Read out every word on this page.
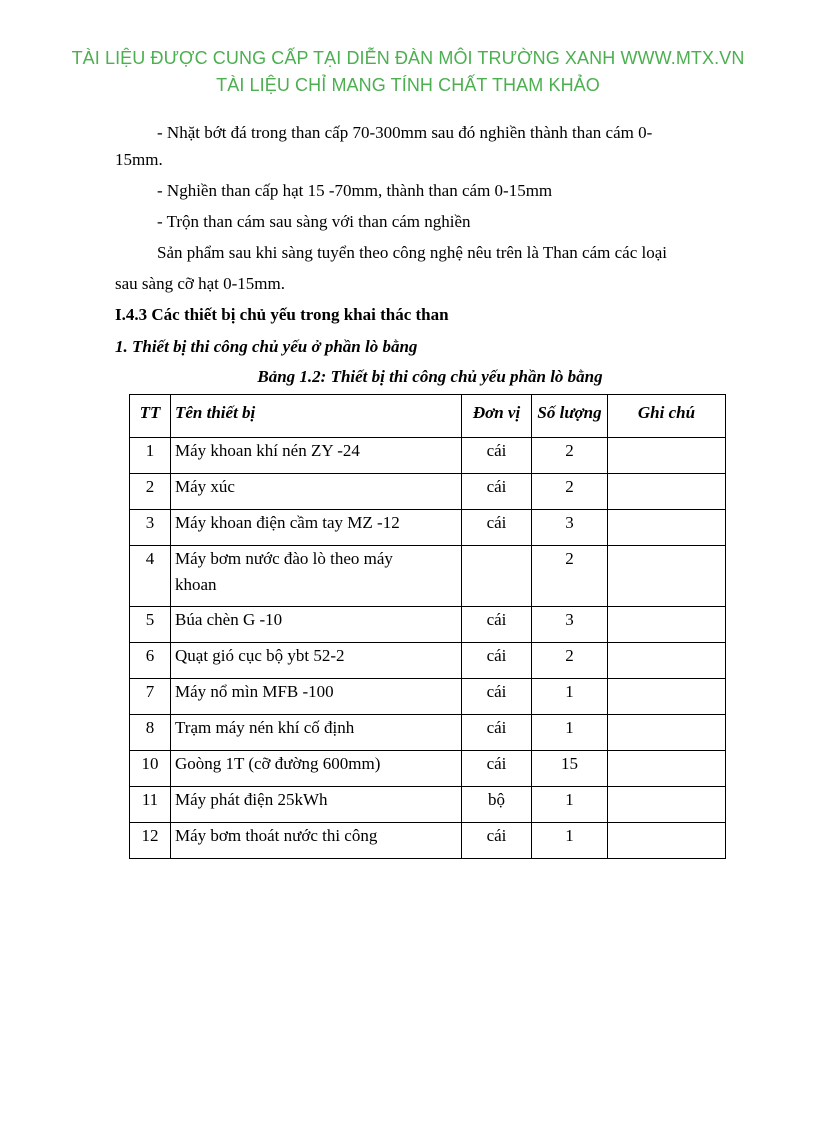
TÀI LIỆU ĐƯỢC CUNG CẤP TẠI DIỄN ĐÀN MÔI TRƯỜNG XANH WWW.MTX.VN
TÀI LIỆU CHỈ MANG TÍNH CHẤT THAM KHẢO
- Nhặt bớt đá trong than cấp 70-300mm sau đó nghiền thành than cám 0-
15mm.
- Nghiền than cấp hạt 15 -70mm, thành than cám 0-15mm
- Trộn than cám sau sàng với than cám nghiền
Sản phẩm sau khi sàng tuyển theo công nghệ nêu trên là Than cám các loại
sau sàng cỡ hạt 0-15mm.
I.4.3 Các thiết bị chủ yếu trong khai thác than
1. Thiết bị thi công chủ yếu ở phần lò bằng
Bảng 1.2: Thiết bị thi công chủ yếu phần lò bằng
TT	Tên thiết bị	Đơn vị	Số lượng	Ghi chú
1	Máy khoan khí nén ZY -24	cái	2	
2	Máy xúc	cái	2	
3	Máy khoan điện cầm tay MZ -12	cái	3	
4	Máy bơm nước đào lò theo máy
khoan		2	
5	Búa chèn G -10	cái	3	
6	Quạt gió cục bộ ybt 52-2	cái	2	
7	Máy nổ mìn MFB -100	cái	1	
8	Trạm máy nén khí cố định	cái	1	
10	Goòng 1T (cỡ đường 600mm)	cái	15	
11	Máy phát điện 25kWh	bộ	1	
12	Máy bơm thoát nước thi công	cái	1	
